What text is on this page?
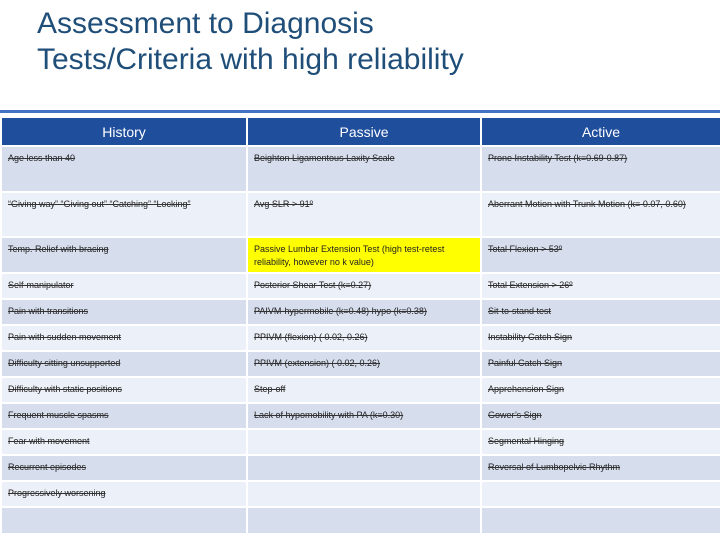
Assessment to Diagnosis
Tests/Criteria with high reliability
History	Passive	Active
Age less than 40	Beighton Ligamentous Laxity Scale	Prone Instability Test (k=0.69-0.87)
“Giving way” “Giving out” “Catching” “Locking”	Avg SLR > 91º	Aberrant Motion with Trunk Motion (k= 0.07, 0.60)
Temp. Relief with bracing	Passive Lumbar Extension Test (high test-retest reliability, however no k value)	Total Flexion > 53º
Self-manipulator	Posterior Shear Test (k=0.27)	Total Extension > 26º
Pain with transitions	PAIVM-hypermobile (k=0.48) hypo (k=0.38)	Sit-to-stand test
Pain with sudden movement	PPIVM (flexion) ( 0.02, 0.26)	Instability Catch Sign
Difficulty sitting unsupported	PPIVM (extension) ( 0.02, 0.26)	Painful Catch Sign
Difficulty with static positions	Step-off	Apprehension Sign
Frequent muscle spasms	Lack of hypomobility with PA (k=0.30)	Gower’s Sign
Fear with movement		Segmental Hinging
Recurrent episodes		Reversal of Lumbopelvic Rhythm
Progressively worsening		
